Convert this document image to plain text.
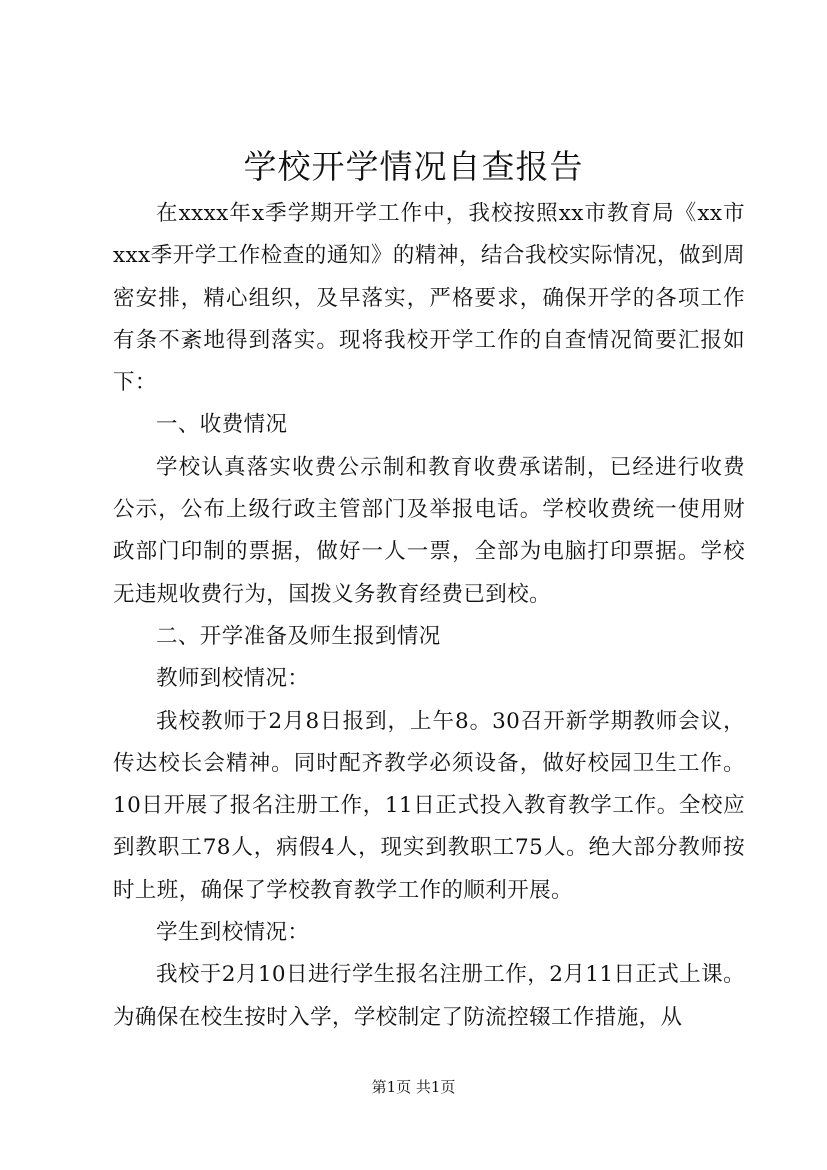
学校开学情况自查报告

在xxxx年x季学期开学工作中，我校按照xx市教育局《xx市xxx季开学工作检查的通知》的精神，结合我校实际情况，做到周密安排，精心组织，及早落实，严格要求，确保开学的各项工作有条不紊地得到落实。现将我校开学工作的自查情况简要汇报如下：

一、收费情况

学校认真落实收费公示制和教育收费承诺制，已经进行收费公示，公布上级行政主管部门及举报电话。学校收费统一使用财政部门印制的票据，做好一人一票，全部为电脑打印票据。学校无违规收费行为，国拨义务教育经费已到校。

二、开学准备及师生报到情况

教师到校情况：

我校教师于2月8日报到，上午8。30召开新学期教师会议，传达校长会精神。同时配齐教学必须设备，做好校园卫生工作。10日开展了报名注册工作，11日正式投入教育教学工作。全校应到教职工78人，病假4人，现实到教职工75人。绝大部分教师按时上班，确保了学校教育教学工作的顺利开展。

学生到校情况：

我校于2月10日进行学生报名注册工作，2月11日正式上课。为确保在校生按时入学，学校制定了防流控辍工作措施，从

第1页 共1页
